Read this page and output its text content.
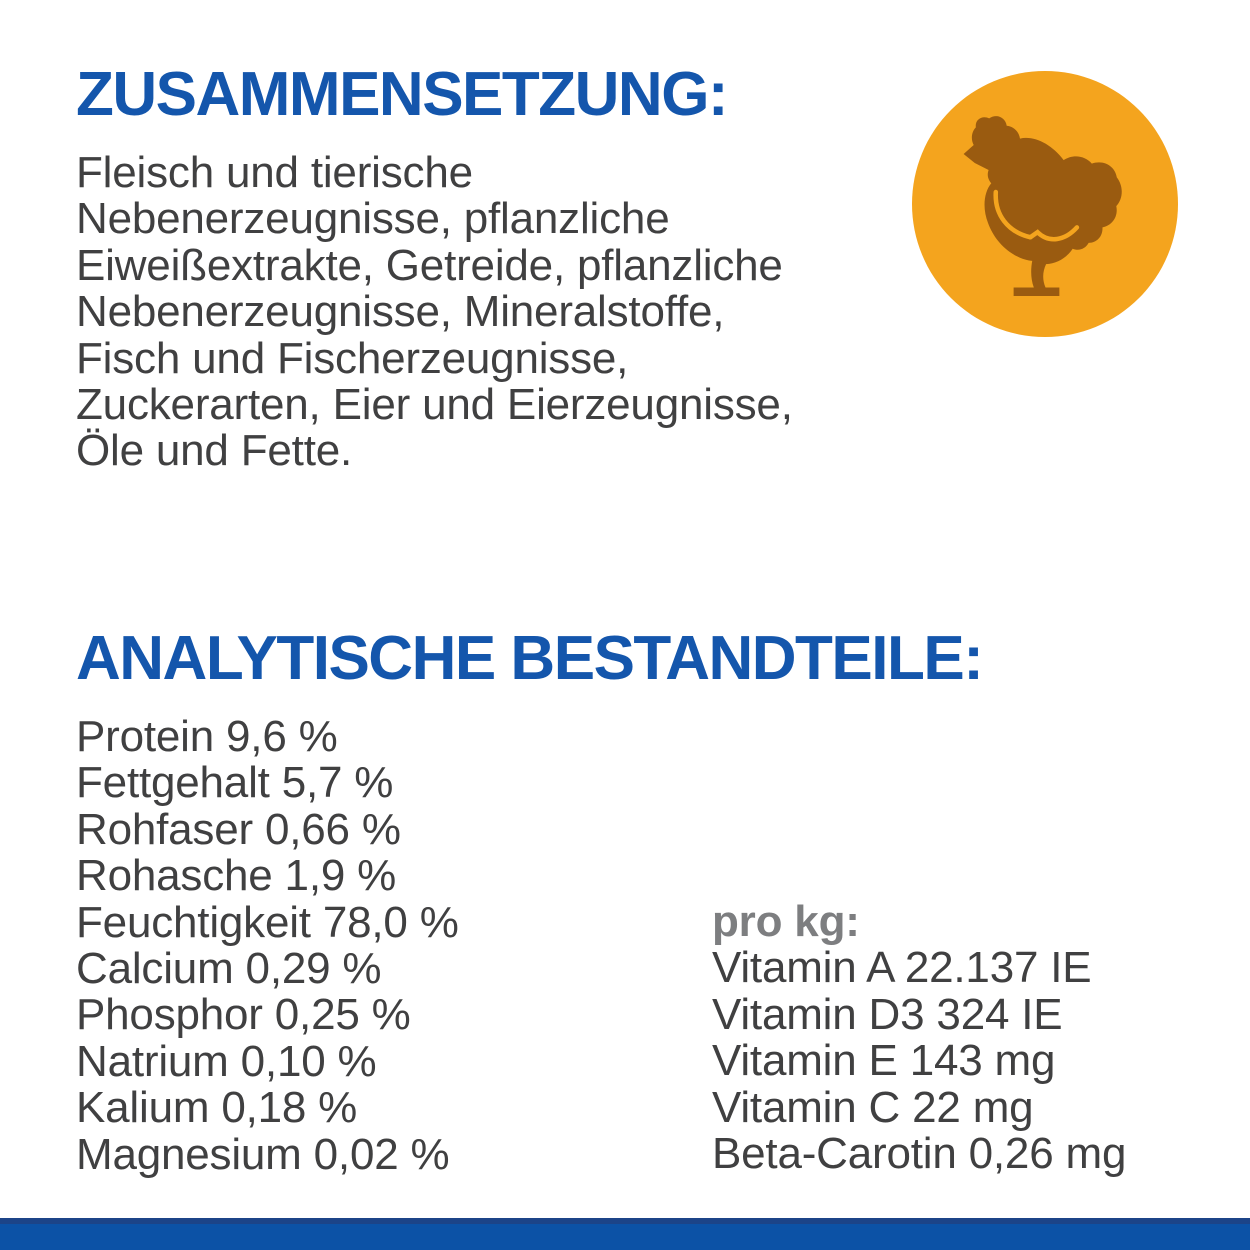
ZUSAMMENSETZUNG:
Fleisch und tierische
Nebenerzeugnisse, pflanzliche
Eiweißextrakte, Getreide, pflanzliche
Nebenerzeugnisse, Mineralstoffe,
Fisch und Fischerzeugnisse,
Zuckerarten, Eier und Eierzeugnisse,
Öle und Fette.
ANALYTISCHE BESTANDTEILE:
Protein 9,6 %
Fettgehalt 5,7 %
Rohfaser 0,66 %
Rohasche 1,9 %
Feuchtigkeit 78,0 %
Calcium 0,29 %
Phosphor 0,25 %
Natrium 0,10 %
Kalium 0,18 %
Magnesium 0,02 %
pro kg:
Vitamin A 22.137 IE
Vitamin D3 324 IE
Vitamin E 143 mg
Vitamin C 22 mg
Beta-Carotin 0,26 mg
